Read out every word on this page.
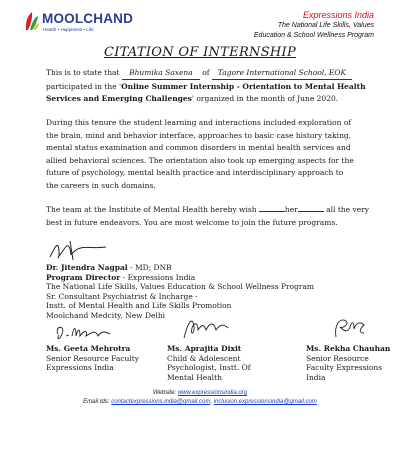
MOOLCHAND
Health • Happiness • Life
Expressions India
The National Life Skills, Values
Education & School Wellness Program
CITATION OF INTERNSHIP
This is to state that Bhumika Saxena of Tagore International School, EOK
participated in the 'Online Summer Internship - Orientation to Mental Health
Services and Emerging Challenges' organized in the month of June 2020.
During this tenure the student learning and interactions included exploration of
the brain, mind and behavior interface, approaches to basic case history taking,
mental status examination and common disorders in mental health services and
allied behavioral sciences. The orientation also took up emerging aspects for the
future of psychology, mental health practice and interdisciplinary approach to
the careers in such domains.
The team at the Institute of Mental Health hereby wish	her	all the very
best in future endeavors. You are most welcome to join the future programs.
Dr. Jitendra Nagpal - MD; DNB
Program Director - Expressions India
The National Life Skills, Values Education & School Wellness Program
Sr. Consultant Psychiatrist & Incharge -
Instt. of Mental Health and Life Skills Promotion
Moolchand Medcity, New Delhi
Ms. Geeta Mehrotra
Senior Resource Faculty
Expressions India
Ms. Aprajita Dixit
Child & Adolescent
Psychologist, Instt. Of
Mental Health
Ms. Rekha Chauhan
Senior Resource
Faculty Expressions
India
Website: www.expressionsindia.org
Email Ids: contactexpressions.india@gmail.com, inclusion.expressionsindia@gmail.com
